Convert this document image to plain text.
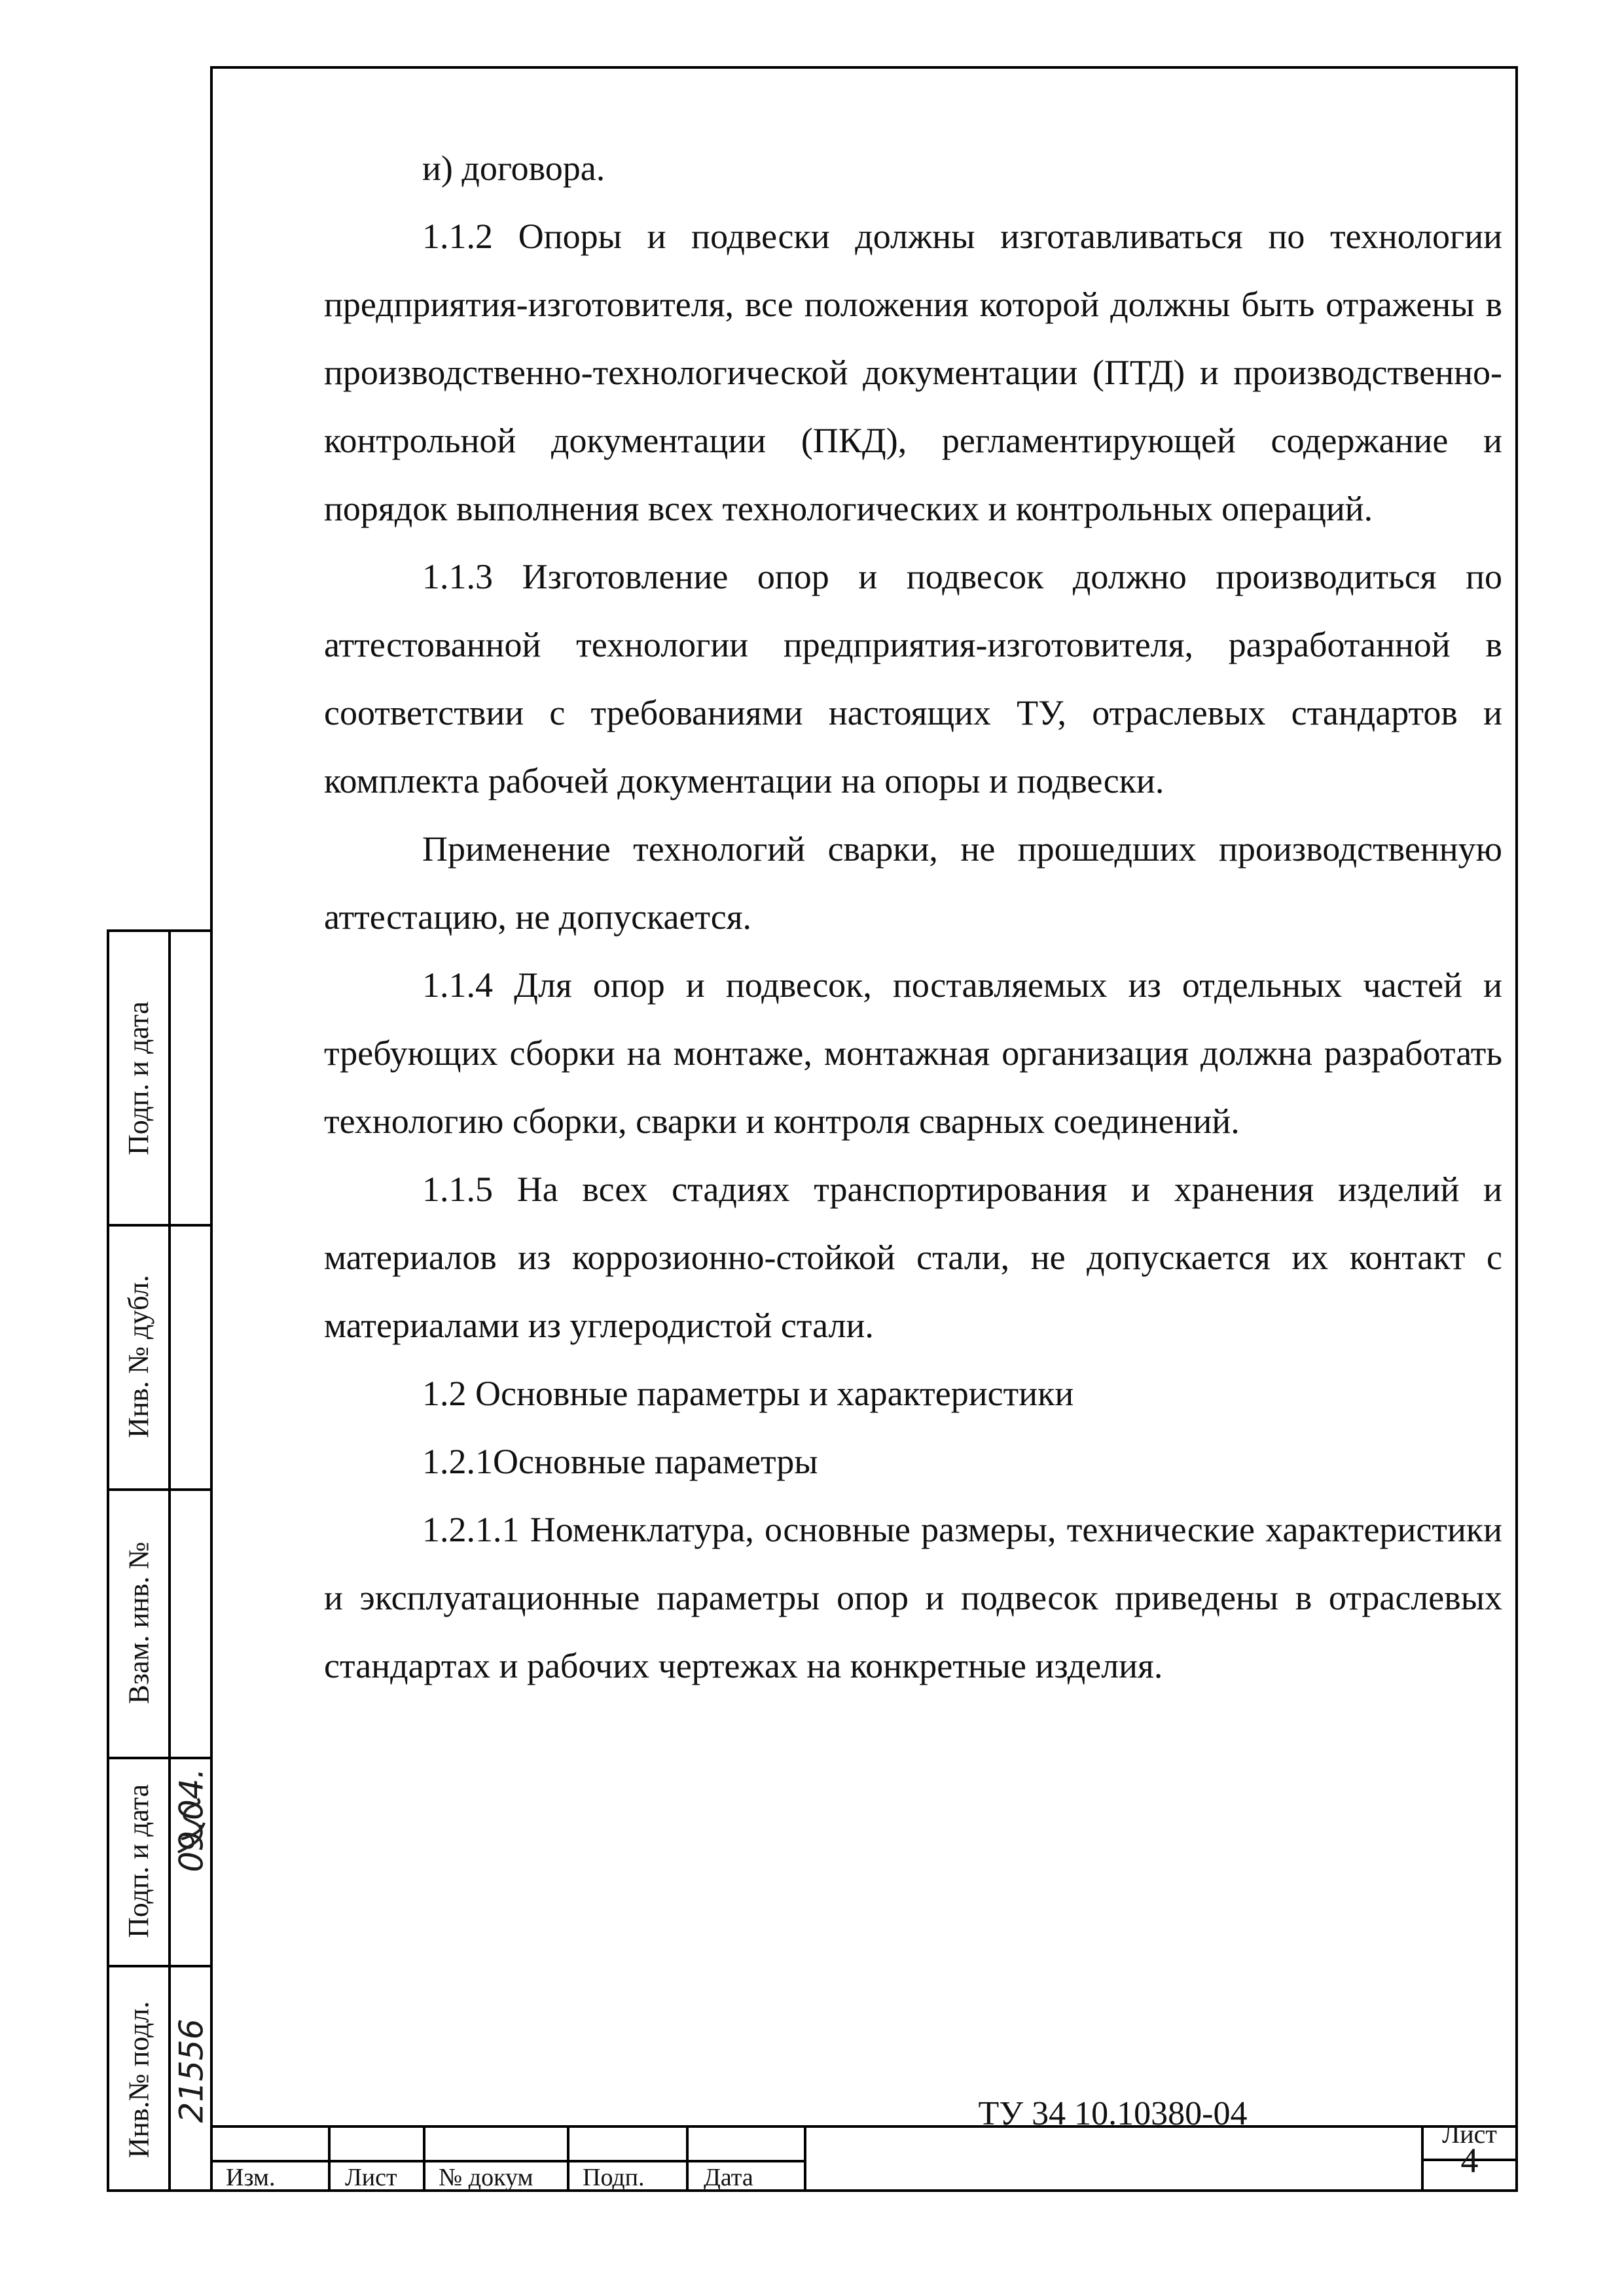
и) договора.

1.1.2 Опоры и подвески должны изготавливаться по технологии предприятия-изготовителя, все положения которой должны быть отражены в производственно-технологической документации (ПТД) и производственно-контрольной документации (ПКД), регламентирующей содержание и порядок выполнения всех технологических и контрольных операций.

1.1.3 Изготовление опор и подвесок должно производиться по аттестованной технологии предприятия-изготовителя, разработанной в соответствии с требованиями настоящих ТУ, отраслевых стандартов и комплекта рабочей документации на опоры и подвески.

Применение технологий сварки, не прошедших производственную аттестацию, не допускается.

1.1.4 Для опор и подвесок, поставляемых из отдельных частей и требующих сборки на монтаже, монтажная организация должна разработать технологию сборки, сварки и контроля сварных соединений.

1.1.5 На всех стадиях транспортирования и хранения изделий и материалов из коррозионно-стойкой стали, не допускается их контакт с материалами из углеродистой стали.

1.2 Основные параметры и характеристики

1.2.1Основные параметры

1.2.1.1 Номенклатура, основные размеры, технические характеристики и эксплуатационные параметры опор и подвесок приведены в отраслевых стандартах и рабочих чертежах на конкретные изделия.

Подп. и дата
Инв. № дубл.
Взам. инв. №
Подп. и дата
Инв.№ подл.
09.04.
21556
Изм.	Лист № докум Подп. Дата
ТУ 34 10.10380-04
Лист
4
